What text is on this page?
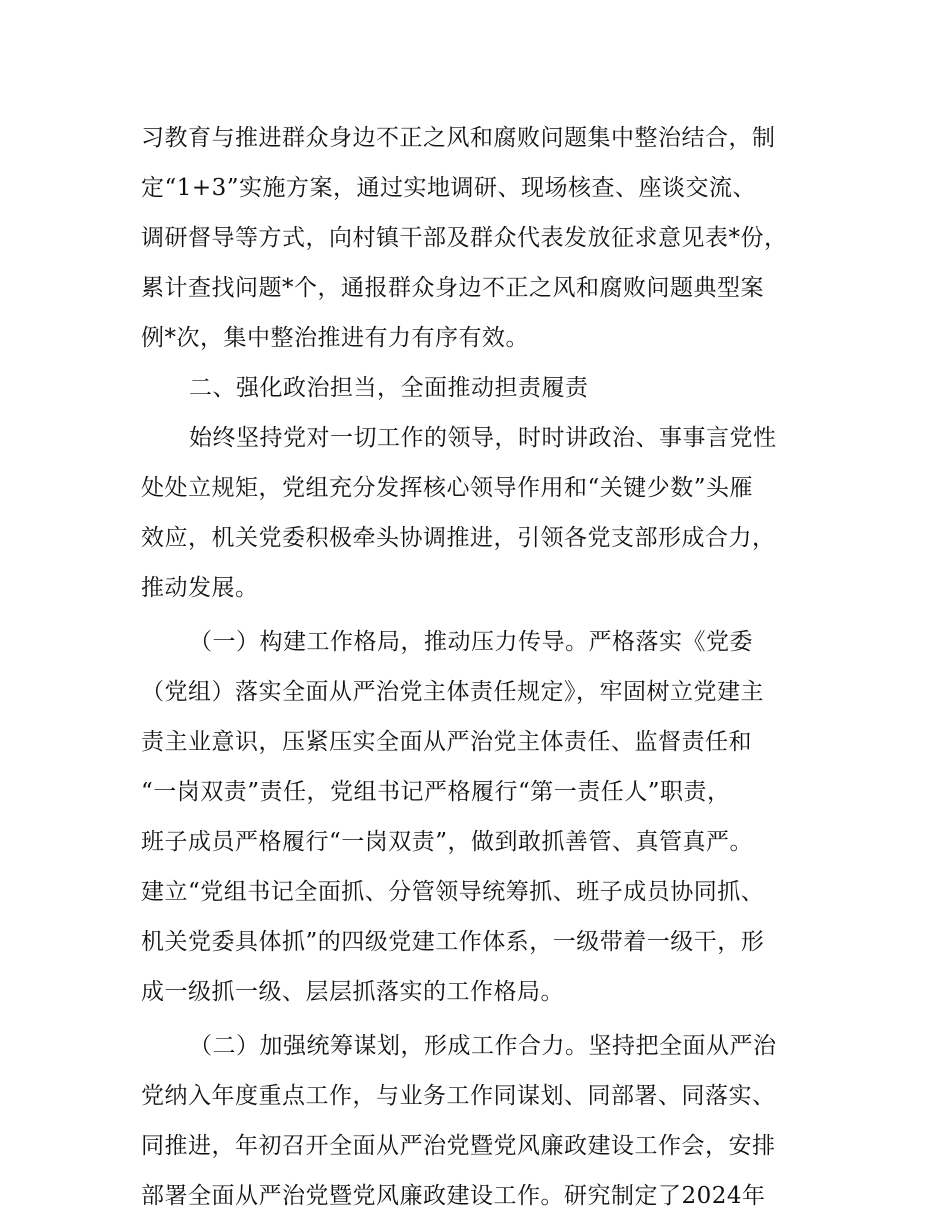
习教育与推进群众身边不正之风和腐败问题集中整治结合，制
定“1+3”实施方案，通过实地调研、现场核查、座谈交流、
调研督导等方式，向村镇干部及群众代表发放征求意见表*份，
累计查找问题*个，通报群众身边不正之风和腐败问题典型案
例*次，集中整治推进有力有序有效。
二、强化政治担当，全面推动担责履责
始终坚持党对一切工作的领导，时时讲政治、事事言党性
处处立规矩，党组充分发挥核心领导作用和“关键少数”头雁
效应，机关党委积极牵头协调推进，引领各党支部形成合力，
推动发展。
（一）构建工作格局，推动压力传导。严格落实《党委
（党组）落实全面从严治党主体责任规定》，牢固树立党建主
责主业意识，压紧压实全面从严治党主体责任、监督责任和
“一岗双责”责任，党组书记严格履行“第一责任人”职责，
班子成员严格履行“一岗双责”，做到敢抓善管、真管真严。
建立“党组书记全面抓、分管领导统筹抓、班子成员协同抓、
机关党委具体抓”的四级党建工作体系，一级带着一级干，形
成一级抓一级、层层抓落实的工作格局。
（二）加强统筹谋划，形成工作合力。坚持把全面从严治
党纳入年度重点工作，与业务工作同谋划、同部署、同落实、
同推进，年初召开全面从严治党暨党风廉政建设工作会，安排
部署全面从严治党暨党风廉政建设工作。研究制定了2024年
